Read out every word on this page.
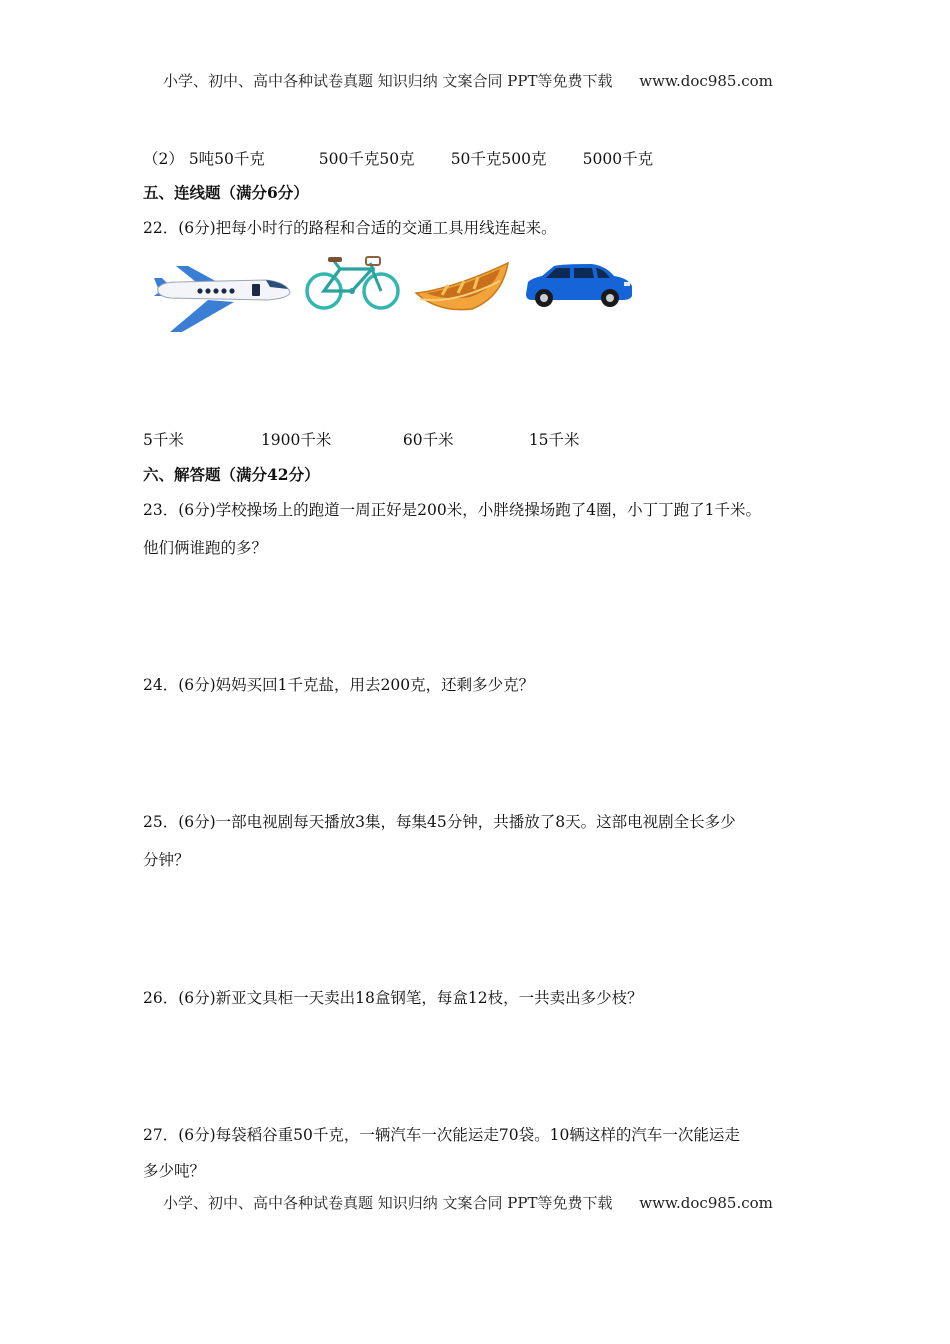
小学、初中、高中各种试卷真题 知识归纳 文案合同 PPT等免费下载 www.doc985.com
（2） 5吨50千克	500千克50克 50千克500克 5000千克
五、连线题（满分6分）
22．(6分)把每小时行的路程和合适的交通工具用线连起来。
5千米	1900千米	60千米	15千米
六、解答题（满分42分）
23．(6分)学校操场上的跑道一周正好是200米，小胖绕操场跑了4圈，小丁丁跑了1千米。
他们俩谁跑的多？
24．(6分)妈妈买回1千克盐，用去200克，还剩多少克？
25．(6分)一部电视剧每天播放3集，每集45分钟，共播放了8天。这部电视剧全长多少
分钟？
26．(6分)新亚文具柜一天卖出18盒钢笔，每盒12枝，一共卖出多少枝？
27．(6分)每袋稻谷重50千克，一辆汽车一次能运走70袋。10辆这样的汽车一次能运走
多少吨？
小学、初中、高中各种试卷真题 知识归纳 文案合同 PPT等免费下载 www.doc985.com
